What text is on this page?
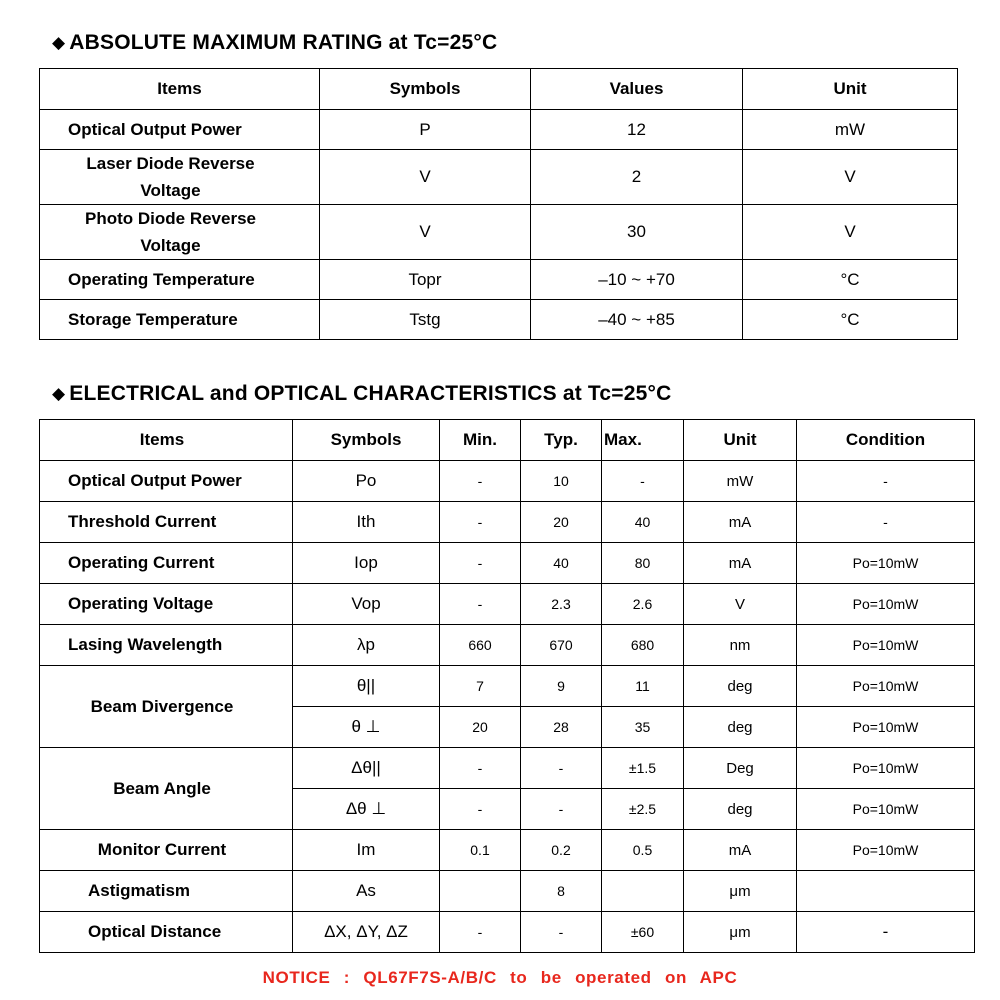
◆ ABSOLUTE MAXIMUM RATING at Tc=25°C
Items	Symbols	Values	Unit
Optical Output Power	P	12	mW
Laser Diode Reverse
Voltage	V	2	V
Photo Diode Reverse
Voltage	V	30	V
Operating Temperature	Topr	–10 ~ +70	°C
Storage Temperature	Tstg	–40 ~ +85	°C
◆ ELECTRICAL and OPTICAL CHARACTERISTICS at Tc=25°C
Items	Symbols	Min.	Typ.	Max.	Unit	Condition
Optical Output Power	Po	-	10	-	mW	-
Threshold Current	Ith	-	20	40	mA	-
Operating Current	Iop	-	40	80	mA	Po=10mW
Operating Voltage	Vop	-	2.3	2.6	V	Po=10mW
Lasing Wavelength	λp	660	670	680	nm	Po=10mW
Beam Divergence	θ||	7	9	11	deg	Po=10mW
	θ ⊥	20	28	35	deg	Po=10mW
Beam Angle	Δθ||	-	-	±1.5	Deg	Po=10mW
	Δθ ⊥	-	-	±2.5	deg	Po=10mW
Monitor Current	Im	0.1	0.2	0.5	mA	Po=10mW
Astigmatism	As		8		μm	
Optical Distance	ΔX, ΔY, ΔZ	-	-	±60	μm	-
NOTICE : QL67F7S-A/B/C to be operated on APC
